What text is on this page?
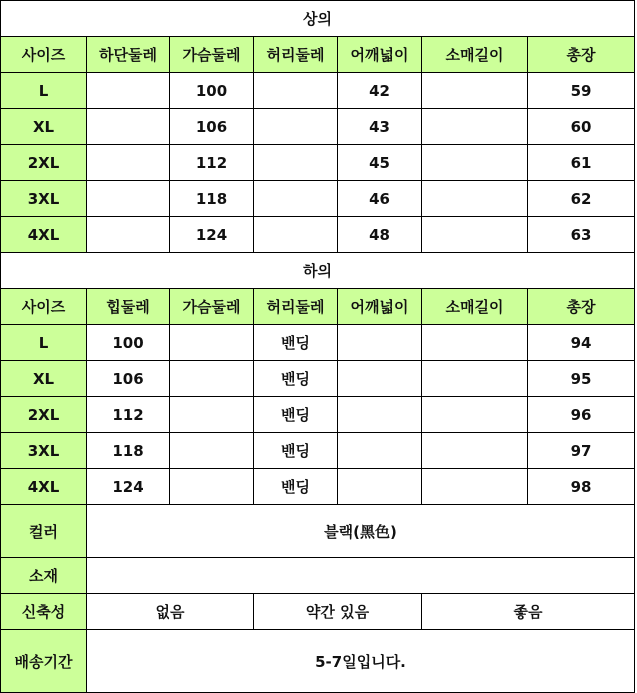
상의						
사이즈	하단둘레	가슴둘레	허리둘레	어깨넓이	소매길이	총장
L		100		42		59
XL		106		43		60
2XL		112		45		61
3XL		118		46		62
4XL		124		48		63
하의						
사이즈	힙둘레	가슴둘레	허리둘레	어깨넓이	소매길이	총장
L	100		밴딩			94
XL	106		밴딩			95
2XL	112		밴딩			96
3XL	118		밴딩			97
4XL	124		밴딩			98
컬러	블랙(黑色)					
소재						
신축성	없음		약간 있음		좋음	
배송기간	5-7일입니다.					
